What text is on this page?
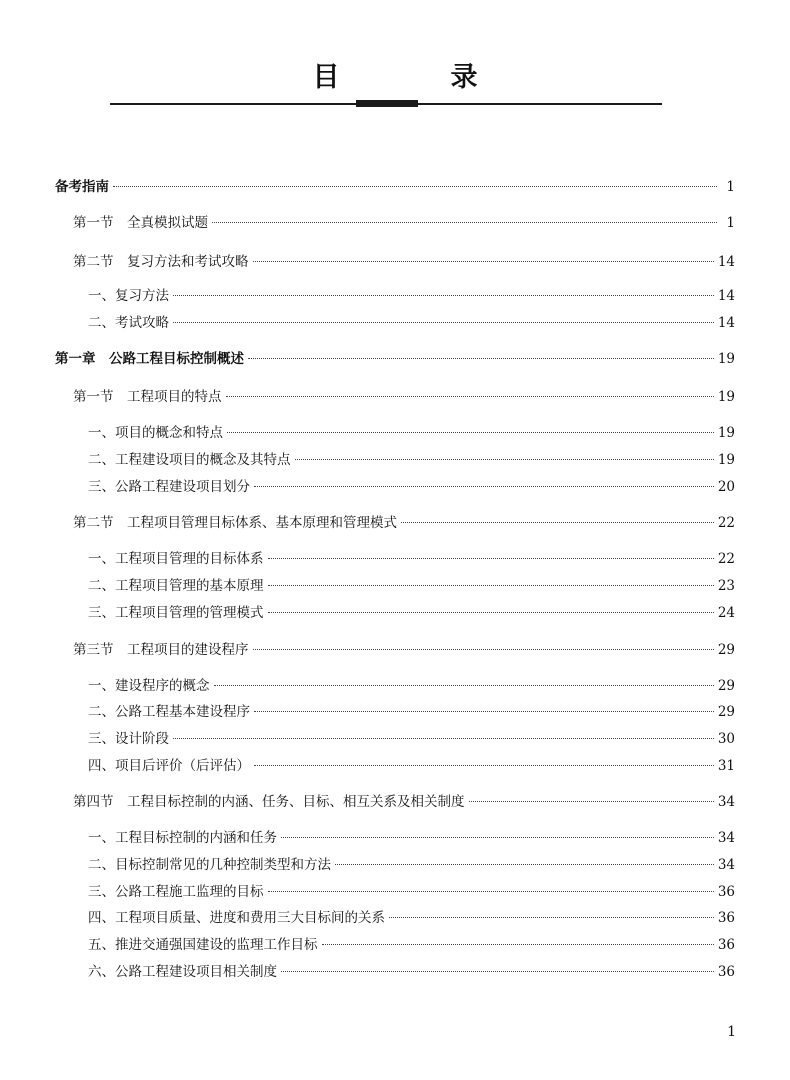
目　录
备考指南	1
第一节　全真模拟试题	1
第二节　复习方法和考试攻略	14
一、复习方法	14
二、考试攻略	14
第一章　公路工程目标控制概述	19
第一节　工程项目的特点	19
一、项目的概念和特点	19
二、工程建设项目的概念及其特点	19
三、公路工程建设项目划分	20
第二节　工程项目管理目标体系、基本原理和管理模式	22
一、工程项目管理的目标体系	22
二、工程项目管理的基本原理	23
三、工程项目管理的管理模式	24
第三节　工程项目的建设程序	29
一、建设程序的概念	29
二、公路工程基本建设程序	29
三、设计阶段	30
四、项目后评价（后评估）	31
第四节　工程目标控制的内涵、任务、目标、相互关系及相关制度	34
一、工程目标控制的内涵和任务	34
二、目标控制常见的几种控制类型和方法	34
三、公路工程施工监理的目标	36
四、工程项目质量、进度和费用三大目标间的关系	36
五、推进交通强国建设的监理工作目标	36
六、公路工程建设项目相关制度	36
1
